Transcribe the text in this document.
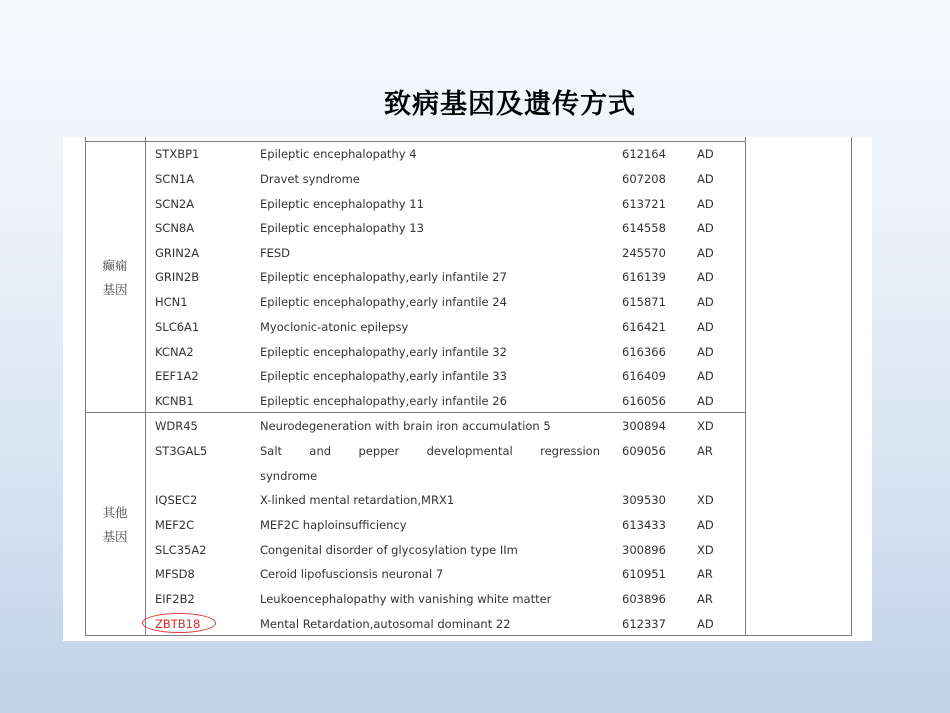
致病基因及遗传方式
癫痫
基因
其他
基因
STXBP1	Epileptic encephalopathy 4	612164	AD
SCN1A	Dravet syndrome	607208	AD
SCN2A	Epileptic encephalopathy 11	613721	AD
SCN8A	Epileptic encephalopathy 13	614558	AD
GRIN2A	FESD	245570	AD
GRIN2B	Epileptic encephalopathy,early infantile 27	616139	AD
HCN1	Epileptic encephalopathy,early infantile 24	615871	AD
SLC6A1	Myoclonic-atonic epilepsy	616421	AD
KCNA2	Epileptic encephalopathy,early infantile 32	616366	AD
EEF1A2	Epileptic encephalopathy,early infantile 33	616409	AD
KCNB1	Epileptic encephalopathy,early infantile 26	616056	AD
WDR45	Neurodegeneration with brain iron accumulation 5	300894	XD
ST3GAL5	Salt and pepper developmental regression 609056	AR
syndrome
IQSEC2	X-linked mental retardation,MRX1	309530	XD
MEF2C	MEF2C haploinsufficiency	613433	AD
SLC35A2	Congenital disorder of glycosylation type IIm	300896	XD
MFSD8	Ceroid lipofuscionsis neuronal 7	610951	AR
EIF2B2	Leukoencephalopathy with vanishing white matter	603896	AR
ZBTB18	Mental Retardation,autosomal dominant 22	612337	AD
